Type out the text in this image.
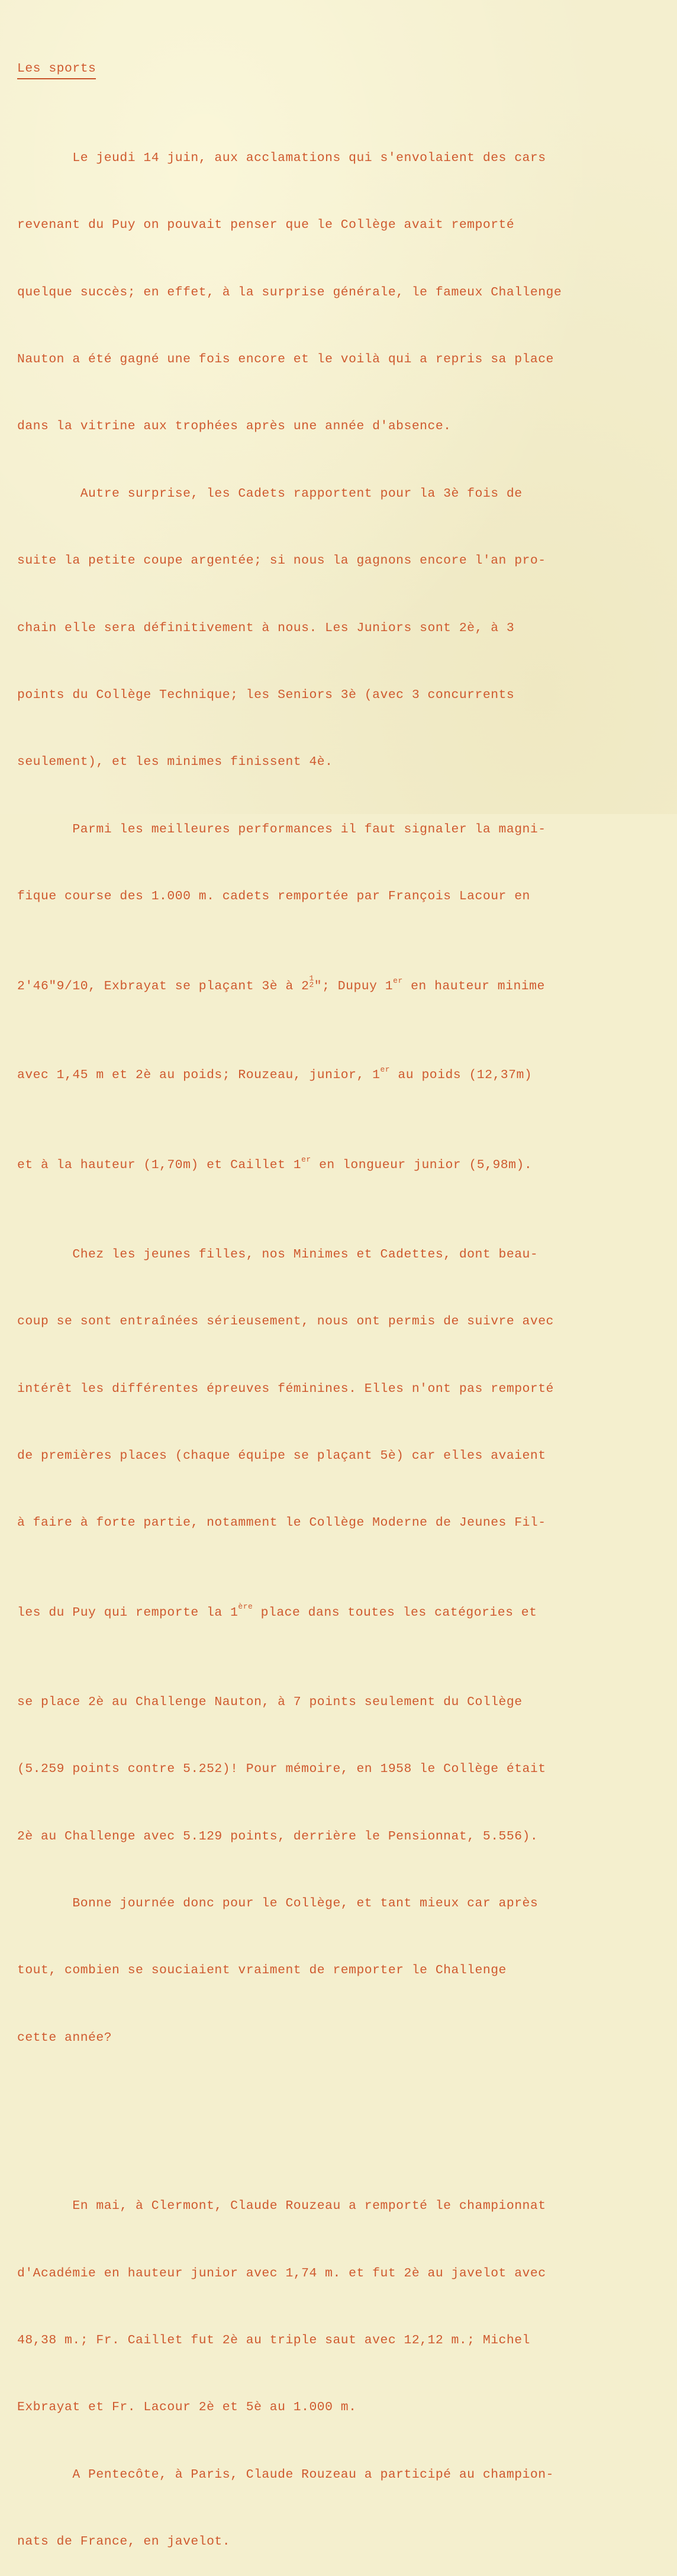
Les sports

Le jeudi 14 juin, aux acclamations qui s'envolaient des cars

revenant du Puy on pouvait penser que le Collège avait remporté

quelque succès; en effet, à la surprise générale, le fameux Challenge

Nauton a été gagné une fois encore et le voilà qui a repris sa place

dans la vitrine aux trophées après une année d'absence.

Autre surprise, les Cadets rapportent pour la 3è fois de

suite la petite coupe argentée; si nous la gagnons encore l'an pro-

chain elle sera définitivement à nous. Les Juniors sont 2è, à 3

points du Collège Technique; les Seniors 3è (avec 3 concurrents

seulement), et les minimes finissent 4è.

Parmi les meilleures performances il faut signaler la magni-

fique course des 1.000 m. cadets remportée par François Lacour en

2'46"9/10, Exbrayat se plaçant 3è à 2
1
2 "; Dupuy 1er en hauteur minime

avec 1,45 m et 2è au poids; Rouzeau, junior, 1er au poids (12,37m)

et à la hauteur (1,70m) et Caillet 1er en longueur junior (5,98m).

Chez les jeunes filles, nos Minimes et Cadettes, dont beau-

coup se sont entraînées sérieusement, nous ont permis de suivre avec

intérêt les différentes épreuves féminines. Elles n'ont pas remporté

de premières places (chaque équipe se plaçant 5è) car elles avaient

à faire à forte partie, notamment le Collège Moderne de Jeunes Fil-

les du Puy qui remporte la 1ère place dans toutes les catégories et

se place 2è au Challenge Nauton, à 7 points seulement du Collège

(5.259 points contre 5.252)! Pour mémoire, en 1958 le Collège était

2è au Challenge avec 5.129 points, derrière le Pensionnat, 5.556).

Bonne journée donc pour le Collège, et tant mieux car après

tout, combien se souciaient vraiment de remporter le Challenge

cette année?

En mai, à Clermont, Claude Rouzeau a remporté le championnat

d'Académie en hauteur junior avec 1,74 m. et fut 2è au javelot avec

48,38 m.; Fr. Caillet fut 2è au triple saut avec 12,12 m.; Michel

Exbrayat et Fr. Lacour 2è et 5è au 1.000 m.

A Pentecôte, à Paris, Claude Rouzeau a participé au champion-

nats de France, en javelot.
